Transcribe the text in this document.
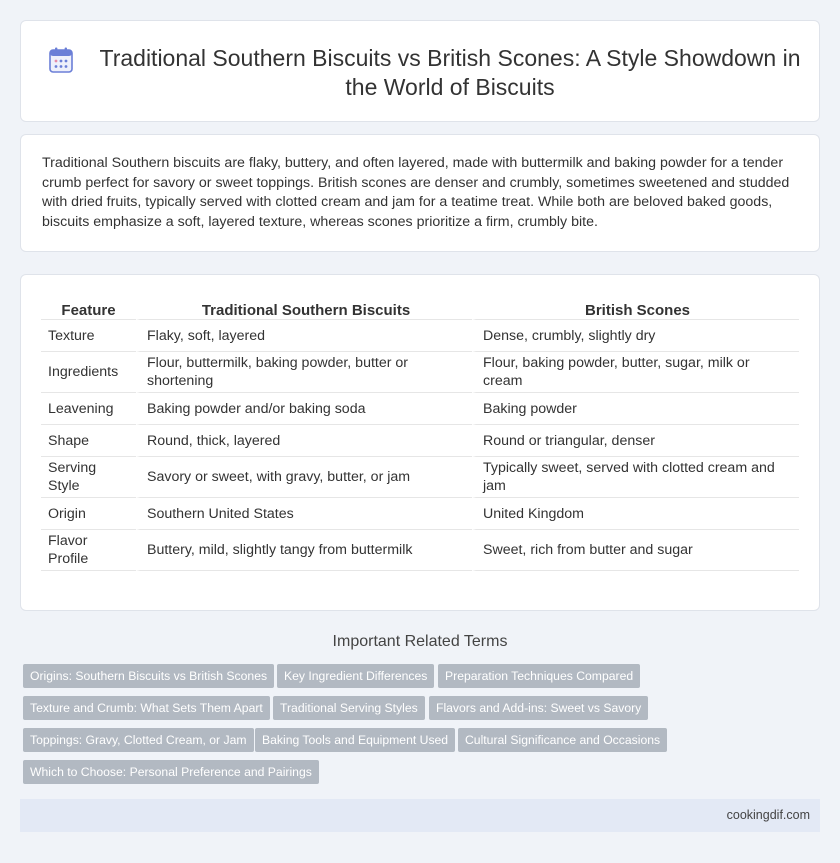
Traditional Southern Biscuits vs British Scones: A Style Showdown in the World of Biscuits

Traditional Southern biscuits are flaky, buttery, and often layered, made with buttermilk and baking powder for a tender crumb perfect for savory or sweet toppings. British scones are denser and crumbly, sometimes sweetened and studded with dried fruits, typically served with clotted cream and jam for a teatime treat. While both are beloved baked goods, biscuits emphasize a soft, layered texture, whereas scones prioritize a firm, crumbly bite.

Feature	Traditional Southern Biscuits	British Scones
Texture	Flaky, soft, layered	Dense, crumbly, slightly dry
Ingredients	Flour, buttermilk, baking powder, butter or shortening	Flour, baking powder, butter, sugar, milk or cream
Leavening	Baking powder and/or baking soda	Baking powder
Shape	Round, thick, layered	Round or triangular, denser
Serving Style	Savory or sweet, with gravy, butter, or jam	Typically sweet, served with clotted cream and jam
Origin	Southern United States	United Kingdom
Flavor Profile	Buttery, mild, slightly tangy from buttermilk	Sweet, rich from butter and sugar
Important Related Terms
Origins: Southern Biscuits vs British Scones	Key Ingredient Differences	Preparation Techniques Compared
Texture and Crumb: What Sets Them Apart	Traditional Serving Styles	Flavors and Add-ins: Sweet vs Savory
Toppings: Gravy, Clotted Cream, or Jam	Baking Tools and Equipment Used	Cultural Significance and Occasions
Which to Choose: Personal Preference and Pairings
cookingdif.com
